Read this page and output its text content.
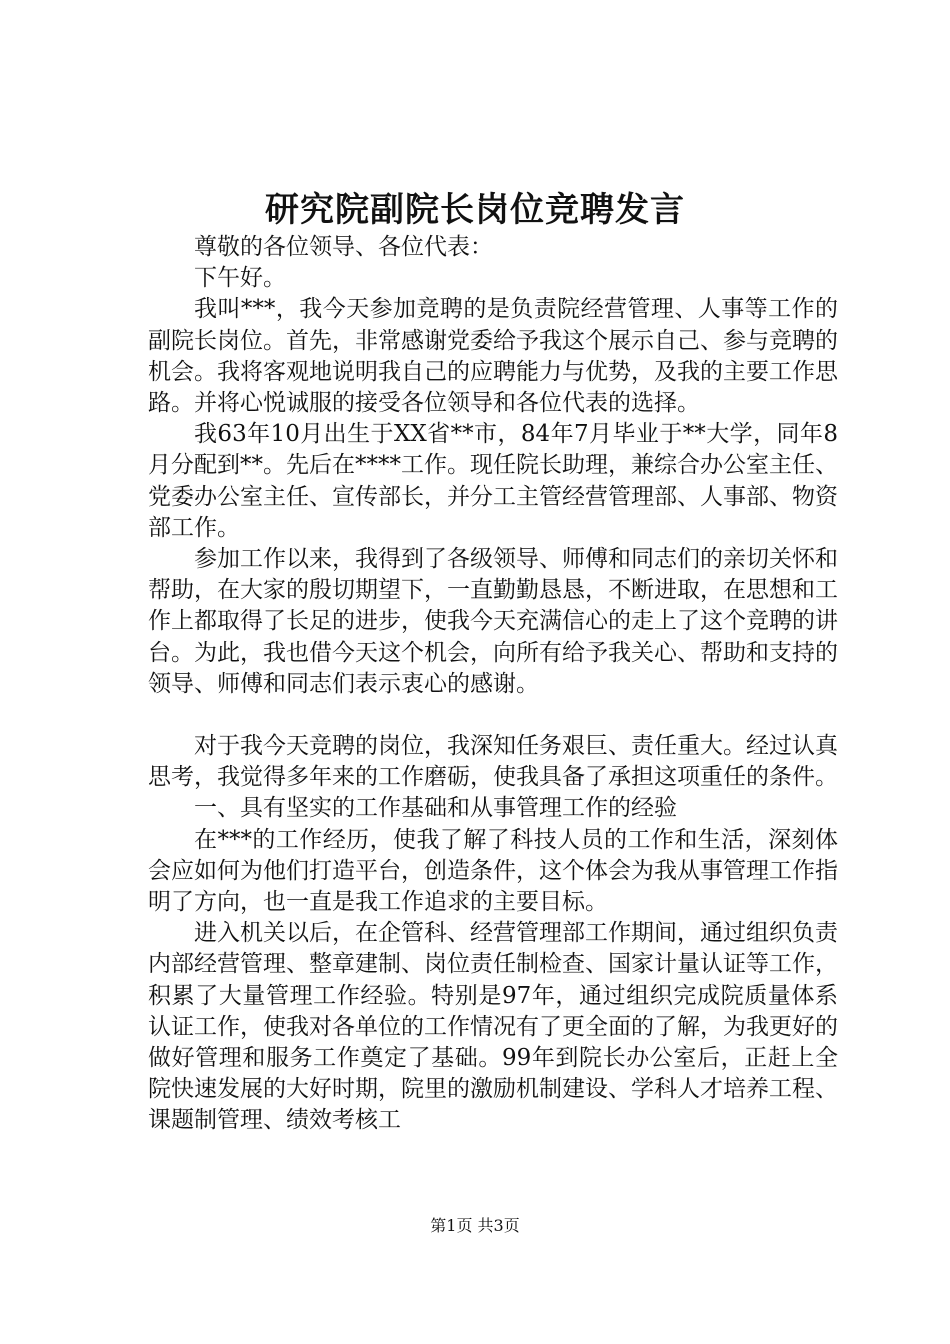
研究院副院长岗位竞聘发言

尊敬的各位领导、各位代表：

下午好。

我叫***，我今天参加竞聘的是负责院经营管理、人事等工作的副院长岗位。首先，非常感谢党委给予我这个展示自己、参与竞聘的机会。我将客观地说明我自己的应聘能力与优势，及我的主要工作思路。并将心悦诚服的接受各位领导和各位代表的选择。

我63年10月出生于XX省**市，84年7月毕业于**大学，同年8月分配到**。先后在****工作。现任院长助理，兼综合办公室主任、党委办公室主任、宣传部长，并分工主管经营管理部、人事部、物资部工作。

参加工作以来，我得到了各级领导、师傅和同志们的亲切关怀和帮助，在大家的殷切期望下，一直勤勤恳恳，不断进取，在思想和工作上都取得了长足的进步，使我今天充满信心的走上了这个竞聘的讲台。为此，我也借今天这个机会，向所有给予我关心、帮助和支持的领导、师傅和同志们表示衷心的感谢。

对于我今天竞聘的岗位，我深知任务艰巨、责任重大。经过认真思考，我觉得多年来的工作磨砺，使我具备了承担这项重任的条件。

一、具有坚实的工作基础和从事管理工作的经验

在***的工作经历，使我了解了科技人员的工作和生活，深刻体会应如何为他们打造平台，创造条件，这个体会为我从事管理工作指明了方向，也一直是我工作追求的主要目标。

进入机关以后，在企管科、经营管理部工作期间，通过组织负责内部经营管理、整章建制、岗位责任制检查、国家计量认证等工作，积累了大量管理工作经验。特别是97年，通过组织完成院质量体系认证工作，使我对各单位的工作情况有了更全面的了解，为我更好的做好管理和服务工作奠定了基础。99年到院长办公室后，正赶上全院快速发展的大好时期，院里的激励机制建设、学科人才培养工程、课题制管理、绩效考核工

第1页 共3页
